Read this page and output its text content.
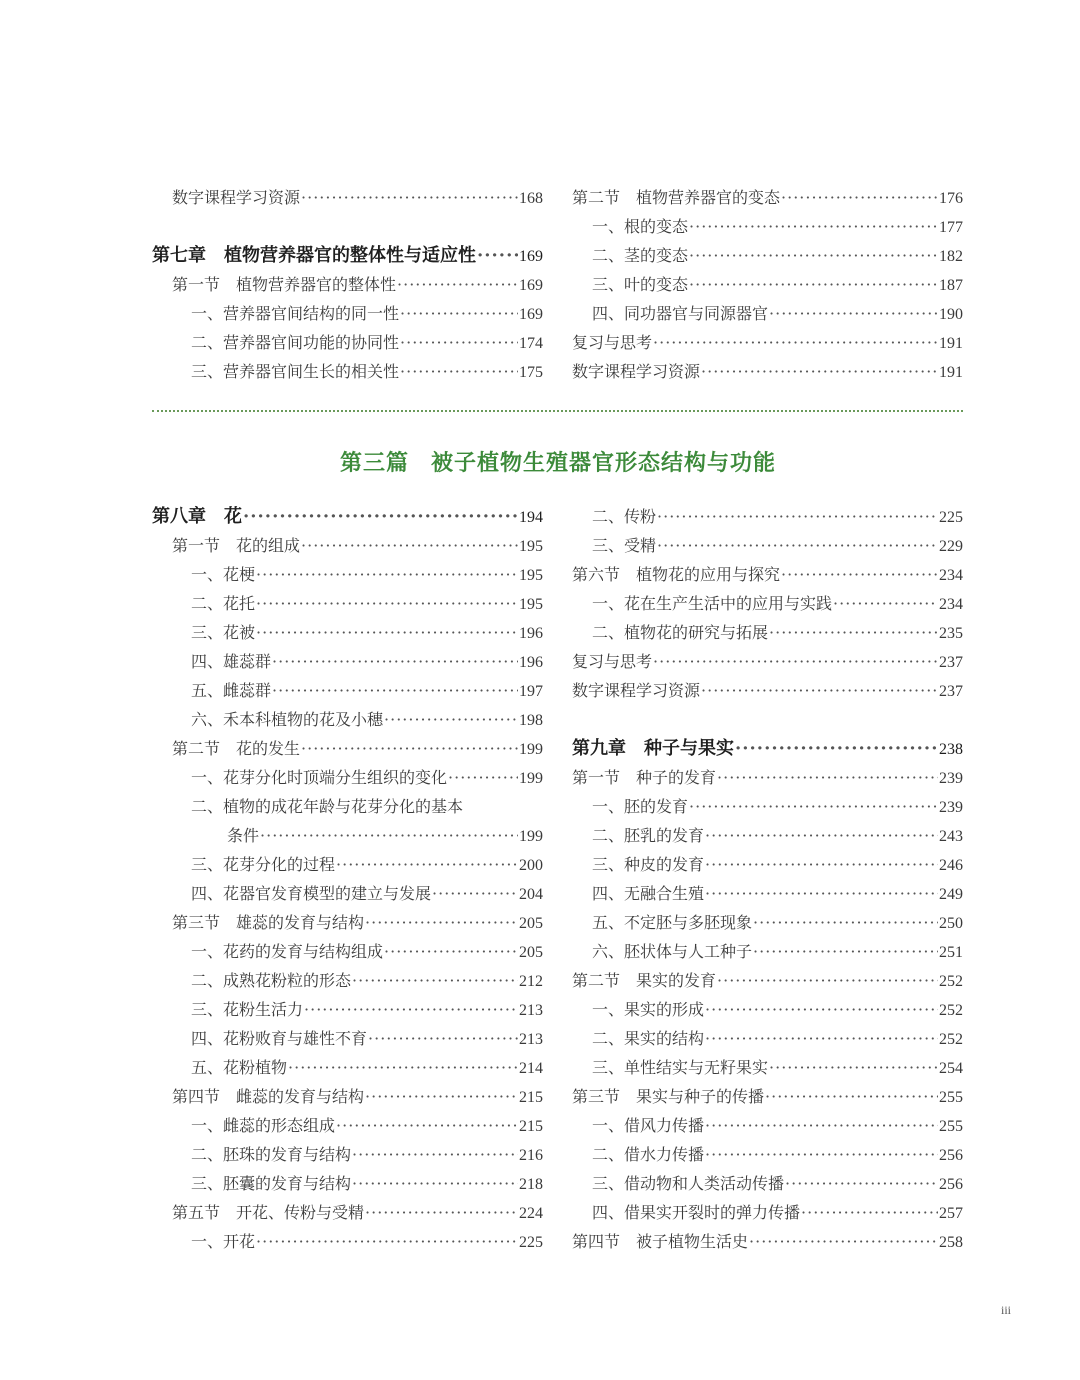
数字课程学习资源 ·····	168
第七章　植物营养器官的整体性与适应性 ·····	169
第一节　植物营养器官的整体性 ·····	169
一、营养器官间结构的同一性 ·····	169
二、营养器官间功能的协同性 ·····	174
三、营养器官间生长的相关性 ·····	175
第二节　植物营养器官的变态 ·····	176
一、根的变态 ·····	177
二、茎的变态 ·····	182
三、叶的变态 ·····	187
四、同功器官与同源器官 ·····	190
复习与思考 ·····	191
数字课程学习资源 ·····	191
第三篇 被子植物生殖器官形态结构与功能
第八章　花 ·····	194
第一节　花的组成 ·····	195
一、花梗 ·····	195
二、花托 ·····	195
三、花被 ·····	196
四、雄蕊群 ·····	196
五、雌蕊群 ·····	197
六、禾本科植物的花及小穗 ·····	198
第二节　花的发生 ·····	199
一、花芽分化时顶端分生组织的变化 ·····	199
二、植物的成花年龄与花芽分化的基本
条件 ·····	199
三、花芽分化的过程 ·····	200
四、花器官发育模型的建立与发展 ·····	204
第三节　雄蕊的发育与结构 ·····	205
一、花药的发育与结构组成 ·····	205
二、成熟花粉粒的形态 ·····	212
三、花粉生活力 ·····	213
四、花粉败育与雄性不育 ·····	213
五、花粉植物 ·····	214
第四节　雌蕊的发育与结构 ·····	215
一、雌蕊的形态组成 ·····	215
二、胚珠的发育与结构 ·····	216
三、胚囊的发育与结构 ·····	218
第五节　开花、传粉与受精 ·····	224
一、开花 ·····	225
二、传粉 ·····	225
三、受精 ·····	229
第六节　植物花的应用与探究 ·····	234
一、花在生产生活中的应用与实践 ·····	234
二、植物花的研究与拓展 ·····	235
复习与思考 ·····	237
数字课程学习资源 ·····	237
第九章　种子与果实 ·····	238
第一节　种子的发育 ·····	239
一、胚的发育 ·····	239
二、胚乳的发育 ·····	243
三、种皮的发育 ·····	246
四、无融合生殖 ·····	249
五、不定胚与多胚现象 ·····	250
六、胚状体与人工种子 ·····	251
第二节　果实的发育 ·····	252
一、果实的形成 ·····	252
二、果实的结构 ·····	252
三、单性结实与无籽果实 ·····	254
第三节　果实与种子的传播 ·····	255
一、借风力传播 ·····	255
二、借水力传播 ·····	256
三、借动物和人类活动传播 ·····	256
四、借果实开裂时的弹力传播 ·····	257
第四节　被子植物生活史 ·····	258
iii
